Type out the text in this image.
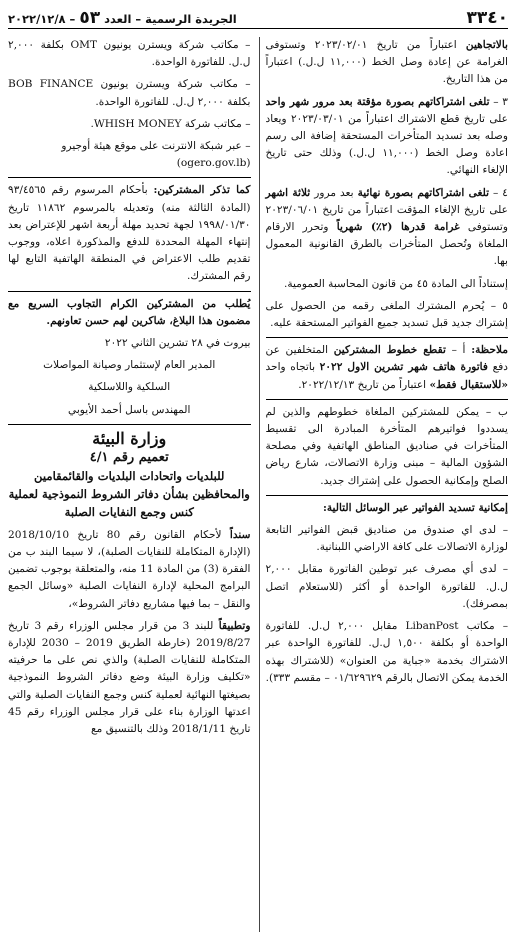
٣٣٤٠
الجريدة الرسمية – العدد ٥٣ – ٢٠٢٢/١٢/٨

بالاتجاهين اعتباراً من تاريخ ٢٠٢٣/٠٢/٠١ وتستوفى الغرامة عن إعادة وصل الخط (١١,٠٠٠ ل.ل.) اعتباراً من هذا التاريخ.

٣ – تلغى اشتراكاتهم بصورة مؤقتة بعد مرور شهر واحد على تاريخ قطع الاشتراك اعتباراً من ٢٠٢٣/٠٣/٠١ ويعاد وصله بعد تسديد المتأخرات المستحقة إضافة الى رسم اعادة وصل الخط (١١,٠٠٠ ل.ل.) وذلك حتى تاريخ الإلغاء النهائي.

٤ – تلغى اشتراكاتهم بصورة نهائية بعد مرور ثلاثة اشهر على تاريخ الإلغاء المؤقت اعتباراً من تاريخ ٢٠٢٣/٠٦/٠١ وتستوفى غرامة قدرها (٢٪) شهرياً وتحرر الارقام الملغاة وتُحصل المتأخرات بالطرق القانونية المعمول بها.

إستناداً الى المادة ٤٥ من قانون المحاسبة العمومية.

٥ – يُحرم المشترك الملغى رقمه من الحصول على إشتراك جديد قبل تسديد جميع الفواتير المستحقة عليه.

ملاحظة: أ – تقطع خطوط المشتركين المتخلفين عن دفع فاتورة هاتف شهر تشرين الاول ٢٠٢٢ باتجاه واحد «للاستقبال فقط» اعتباراً من تاريخ ٢٠٢٢/١٢/١٣.

ب – يمكن للمشتركين الملغاة خطوطهم والذين لم يسددوا فواتيرهم المتأخرة المبادرة الى تقسيط المتأخرات في صناديق المناطق الهاتفية وفي مصلحة الشؤون المالية – مبنى وزارة الاتصالات، شارع رياض الصلح وإمكانية الحصول على إشتراك جديد.

إمكانية تسديد الفواتير عبر الوسائل التالية:

– لدى اي صندوق من صناديق قبض الفواتير التابعة لوزارة الاتصالات على كافة الاراضي اللبنانية.

– لدى أي مصرف عبر توطين الفاتورة مقابل ٢,٠٠٠ ل.ل. للفاتورة الواحدة أو أكثر (للاستعلام اتصل بمصرفك).

– مكاتب LibanPost مقابل ٢,٠٠٠ ل.ل. للفاتورة الواحدة أو بكلفة ١,٥٠٠ ل.ل. للفاتورة الواحدة عبر الاشتراك بخدمة «جباية من العنوان» (للاشتراك بهذه الخدمة يمكن الاتصال بالرقم ٠١/٦٢٩٦٢٩ – مقسم ٣٣٣).

– مكاتب شركة ويسترن يونيون OMT بكلفة ٢,٠٠٠ ل.ل. للفاتورة الواحدة.

– مكاتب شركة ويسترن يونيون BOB FINANCE بكلفة ٢,٠٠٠ ل.ل. للفاتورة الواحدة.

– مكاتب شركة WHISH MONEY.

– عبر شبكة الانترنت على موقع هيئة أوجيرو
(ogero.gov.lb)

كما تذكر المشتركين: بأحكام المرسوم رقم ٩٣/٤٥٦٥ (المادة الثالثة منه) وتعديله بالمرسوم ١١٨٦٢ تاريخ ١٩٩٨/٠١/٣٠ لجهة تحديد مهلة أربعة اشهر للإعتراض بعد إنتهاء المهلة المحددة للدفع والمذكورة اعلاه، ووجوب تقديم طلب الاعتراض في المنطقة الهاتفية التابع لها رقم المشترك.

يُطلب من المشتركين الكرام التجاوب السريع مع مضمون هذا البلاغ، شاكرين لهم حسن تعاونهم.

بيروت في ٢٨ تشرين الثاني ٢٠٢٢

المدير العام لإستثمار وصيانة المواصلات

السلكية واللاسلكية

المهندس باسل أحمد الأيوبي

وزارة البيئة
تعميم رقم ٤/١
للبلديات واتحادات البلديات والقائمقامين والمحافظين بشأن دفاتر الشروط النموذجية لعملية كنس وجمع النفايات الصلبة

سنداً لأحكام القانون رقم 80 تاريخ 2018/10/10 (الإدارة المتكاملة للنفايات الصلبة)، لا سيما البند ب من الفقرة (3) من المادة 11 منه، والمتعلقة بوجوب تضمين البرامج المحلية لإدارة النفايات الصلبة «وسائل الجمع والنقل – بما فيها مشاريع دفاتر الشروط»،

وتطبيقاً للبند 3 من قرار مجلس الوزراء رقم 3 تاريخ 2019/8/27 (خارطة الطريق 2019 – 2030 للإدارة المتكاملة للنفايات الصلبة) والذي نص على ما حرفيته «تكليف وزارة البيئة وضع دفاتر الشروط النموذجية بصيغتها النهائية لعملية كنس وجمع النفايات الصلبة والتي اعدتها الوزارة بناء على قرار مجلس الوزراء رقم 45 تاريخ 2018/1/11 وذلك بالتنسيق مع
